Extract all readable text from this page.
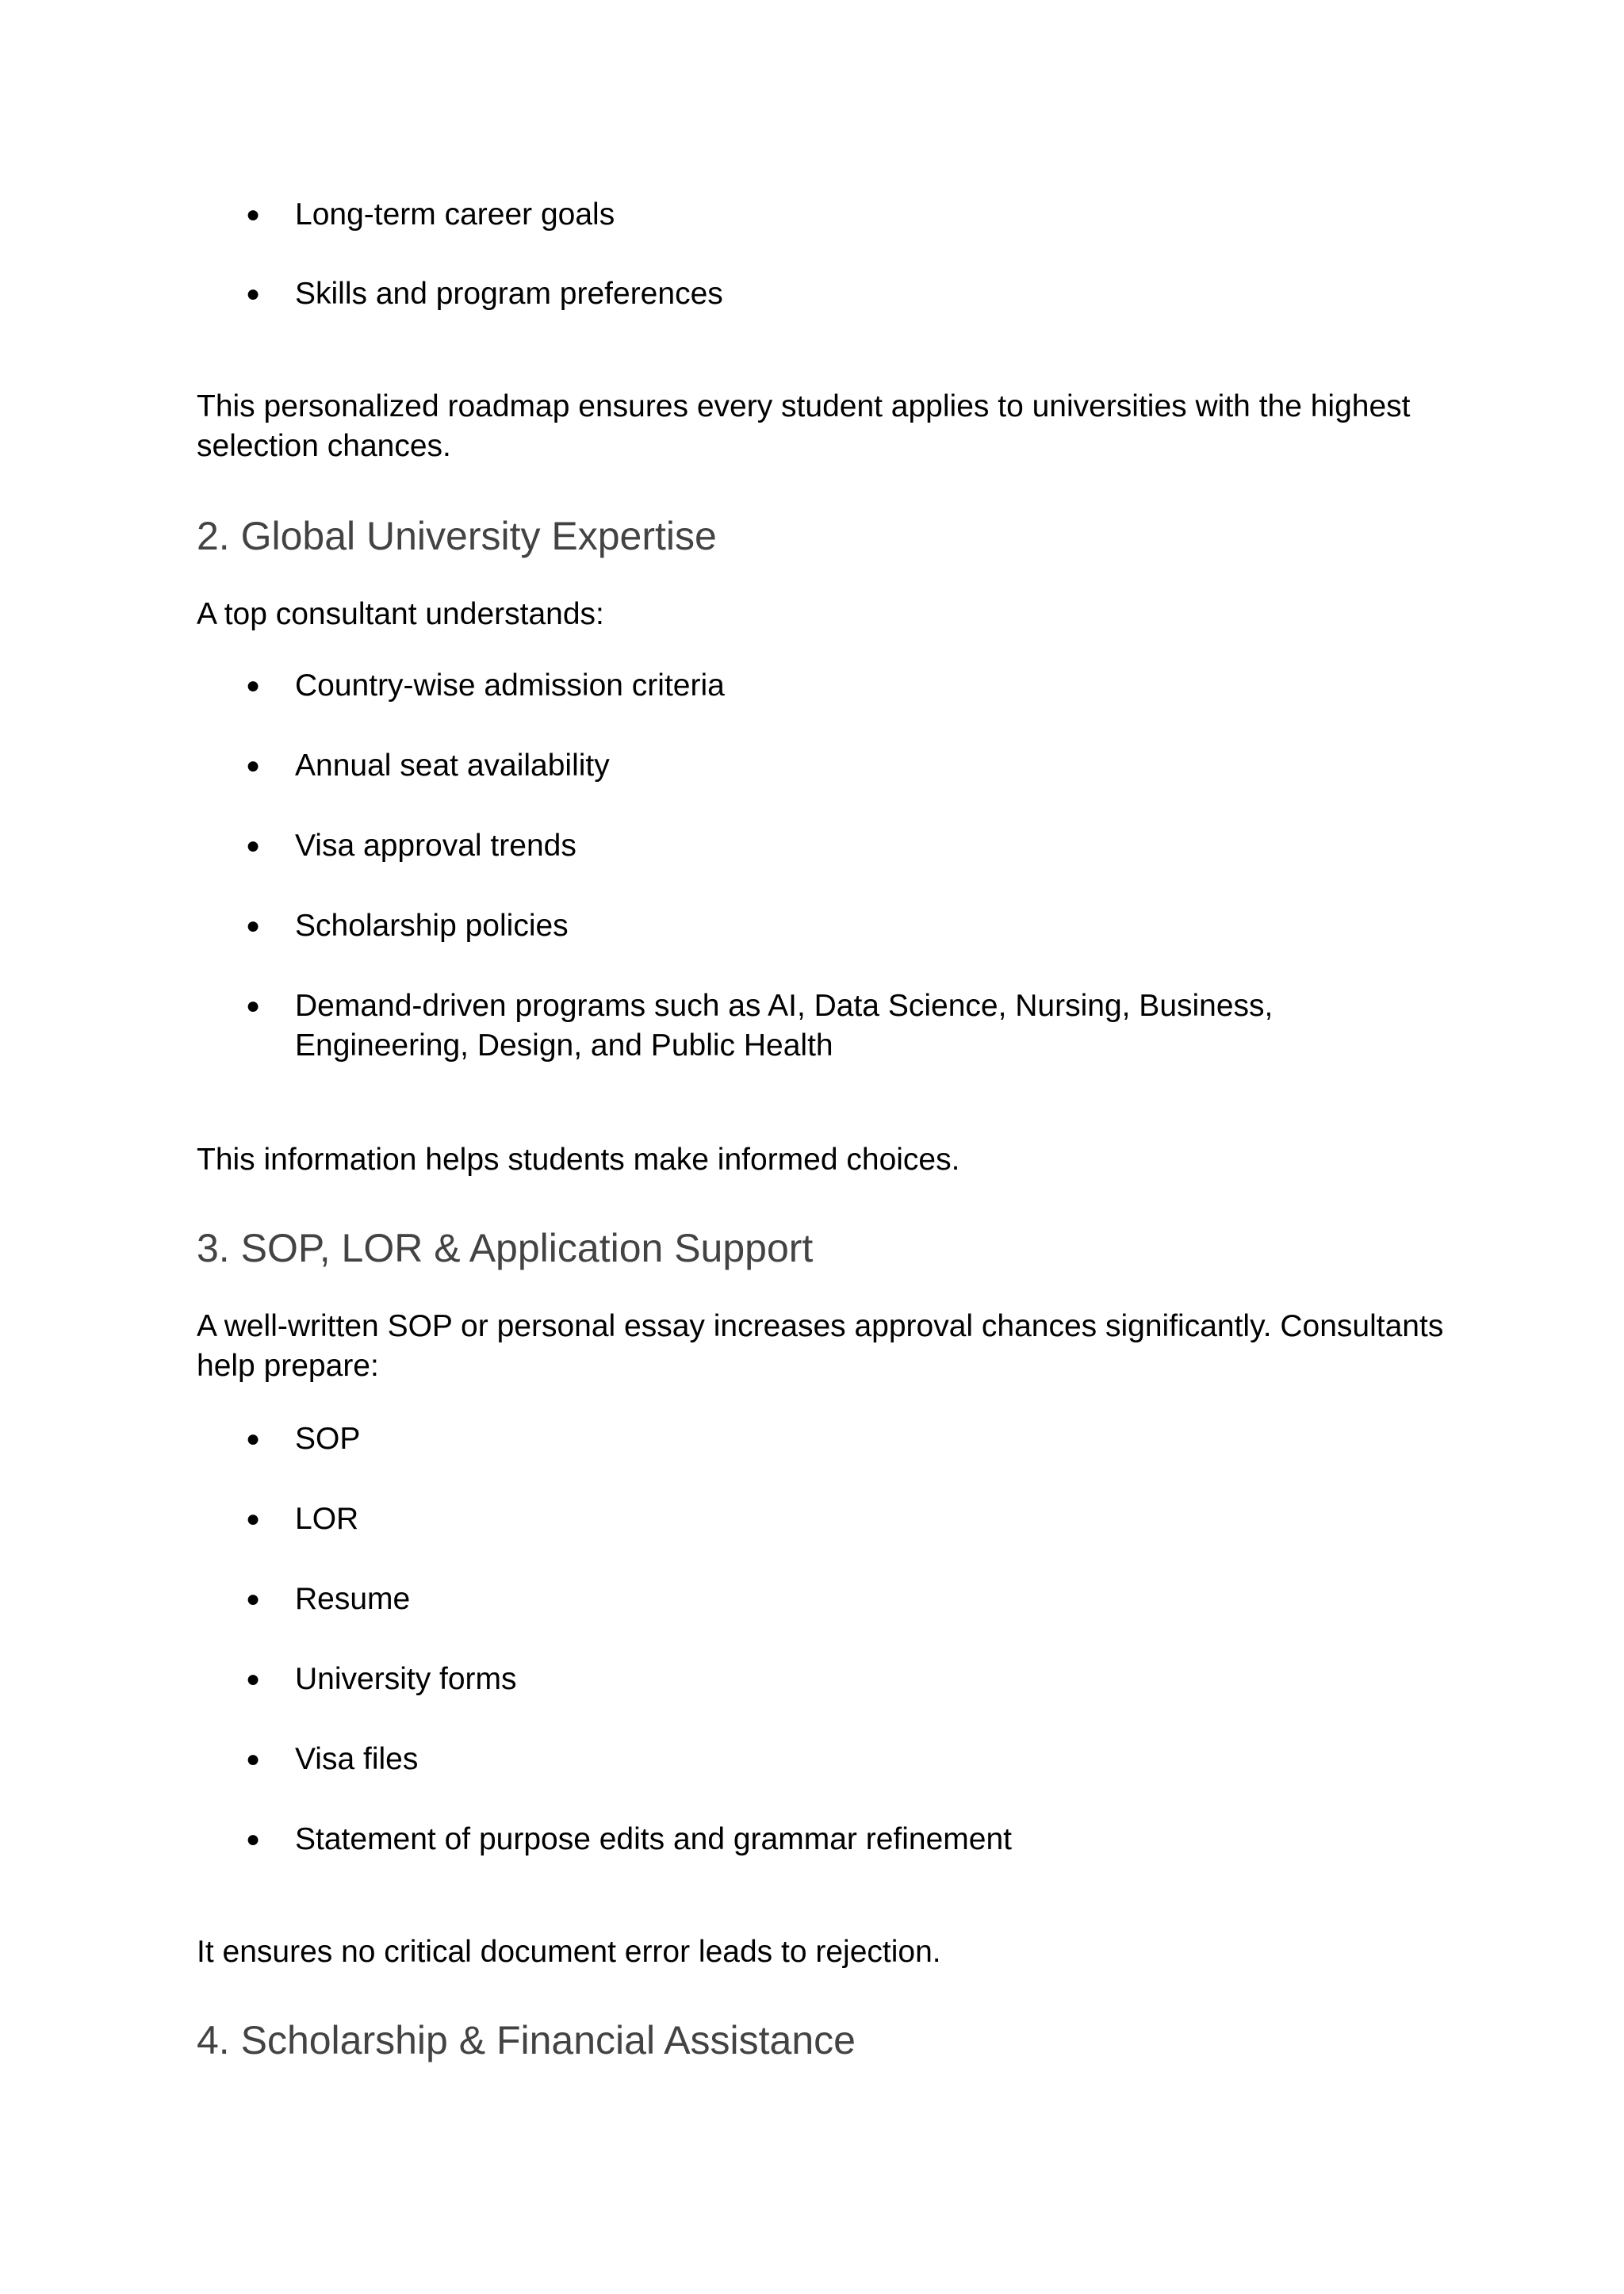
● Long-term career goals
● Skills and program preferences
This personalized roadmap ensures every student applies to universities with the highest selection chances.
2. Global University Expertise
A top consultant understands:
● Country-wise admission criteria
● Annual seat availability
● Visa approval trends
● Scholarship policies
● Demand-driven programs such as AI, Data Science, Nursing, Business, Engineering, Design, and Public Health
This information helps students make informed choices.
3. SOP, LOR & Application Support
A well-written SOP or personal essay increases approval chances significantly. Consultants help prepare:
● SOP
● LOR
● Resume
● University forms
● Visa files
● Statement of purpose edits and grammar refinement
It ensures no critical document error leads to rejection.
4. Scholarship & Financial Assistance
